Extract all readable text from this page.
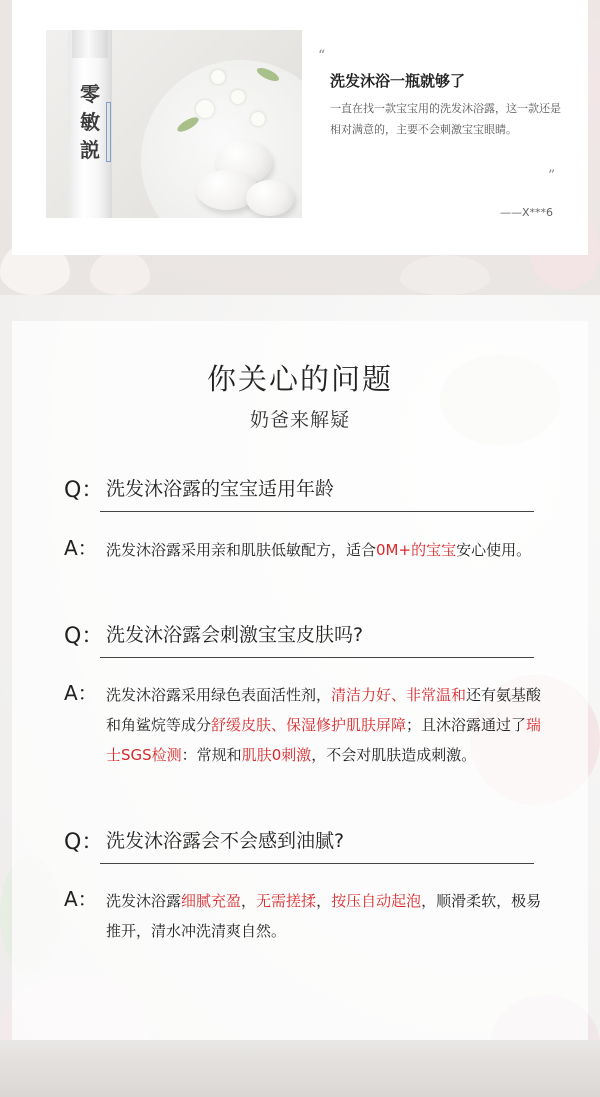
零
敏
説
“
洗发沐浴一瓶就够了
一直在找一款宝宝用的洗发沐浴露，这一款还是相对满意的，主要不会刺激宝宝眼睛。
”
——X***6
你关心的问题
奶爸来解疑
Q： 洗发沐浴露的宝宝适用年龄
A： 洗发沐浴露采用亲和肌肤低敏配方，适合0M+的宝宝安心使用。
Q： 洗发沐浴露会刺激宝宝皮肤吗?
A： 洗发沐浴露采用绿色表面活性剂，清洁力好、非常温和还有氨基酸和角鲨烷等成分舒缓皮肤、保湿修护肌肤屏障；且沐浴露通过了瑞士SGS检测：常规和肌肤0刺激，不会对肌肤造成刺激。
Q： 洗发沐浴露会不会感到油腻?
A： 洗发沐浴露细腻充盈，无需搓揉，按压自动起泡，顺滑柔软，极易推开，清水冲洗清爽自然。
